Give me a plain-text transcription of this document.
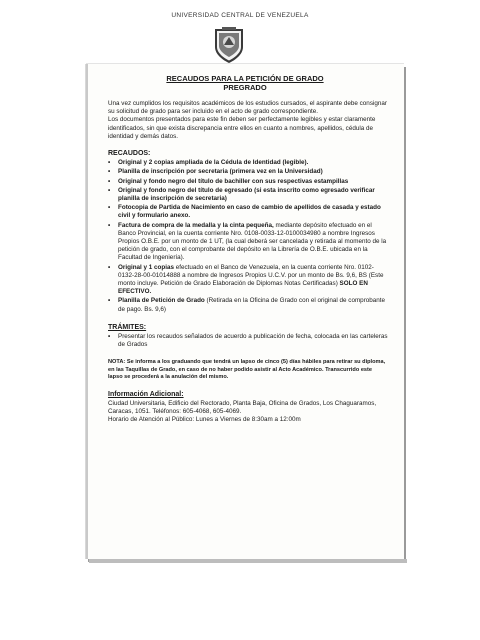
UNIVERSIDAD CENTRAL DE VENEZUELA
RECAUDOS PARA LA PETICIÓN DE GRADO
PREGRADO

Una vez cumplidos los requisitos académicos de los estudios cursados, el aspirante debe consignar su solicitud de grado para ser incluido en el acto de grado correspondiente.

Los documentos presentados para este fin deben ser perfectamente legibles y estar claramente identificados, sin que exista discrepancia entre ellos en cuanto a nombres, apellidos, cédula de identidad y demás datos.

RECAUDOS:
• Original y 2 copias ampliada de la Cédula de Identidad (legible).
• Planilla de inscripción por secretaria (primera vez en la Universidad)
• Original y fondo negro del título de bachiller con sus respectivas estampillas
• Original y fondo negro del título de egresado (si esta inscrito como egresado verificar planilla de inscripción de secretaria)
• Fotocopia de Partida de Nacimiento en caso de cambio de apellidos de casada y estado civil y formulario anexo.
• Factura de compra de la medalla y la cinta pequeña, mediante depósito efectuado en el Banco Provincial, en la cuenta corriente Nro. 0108-0033-12-0100034980 a nombre Ingresos Propios O.B.E. por un monto de 1 UT, (la cual deberá ser cancelada y retirada al momento de la petición de grado, con el comprobante del depósito en la Librería de O.B.E. ubicada en la Facultad de Ingeniería).
• Original y 1 copias efectuado en el Banco de Venezuela, en la cuenta corriente Nro. 0102-0132-28-00-01014888 a nombre de Ingresos Propios U.C.V. por un monto de Bs. 9,6, BS (Este monto incluye. Petición de Grado Elaboración de Diplomas Notas Certificadas) SOLO EN EFECTIVO.
• Planilla de Petición de Grado (Retirada en la Oficina de Grado con el original de comprobante de pago. Bs. 9,6)
TRÁMITES:
• Presentar los recaudos señalados de acuerdo a publicación de fecha, colocada en las carteleras de Grados

NOTA: Se informa a los graduando que tendrá un lapso de cinco (5) días hábiles para retirar su diploma, en las Taquillas de Grado, en caso de no haber podido asistir al Acto Académico. Transcurrido este lapso se procederá a la anulación del mismo.

Información Adicional:

Ciudad Universitaria, Edificio del Rectorado, Planta Baja, Oficina de Grados, Los Chaguaramos, Caracas, 1051. Teléfonos: 605-4068, 605-4069.

Horario de Atención al Público: Lunes a Viernes de 8:30am a 12:00m
